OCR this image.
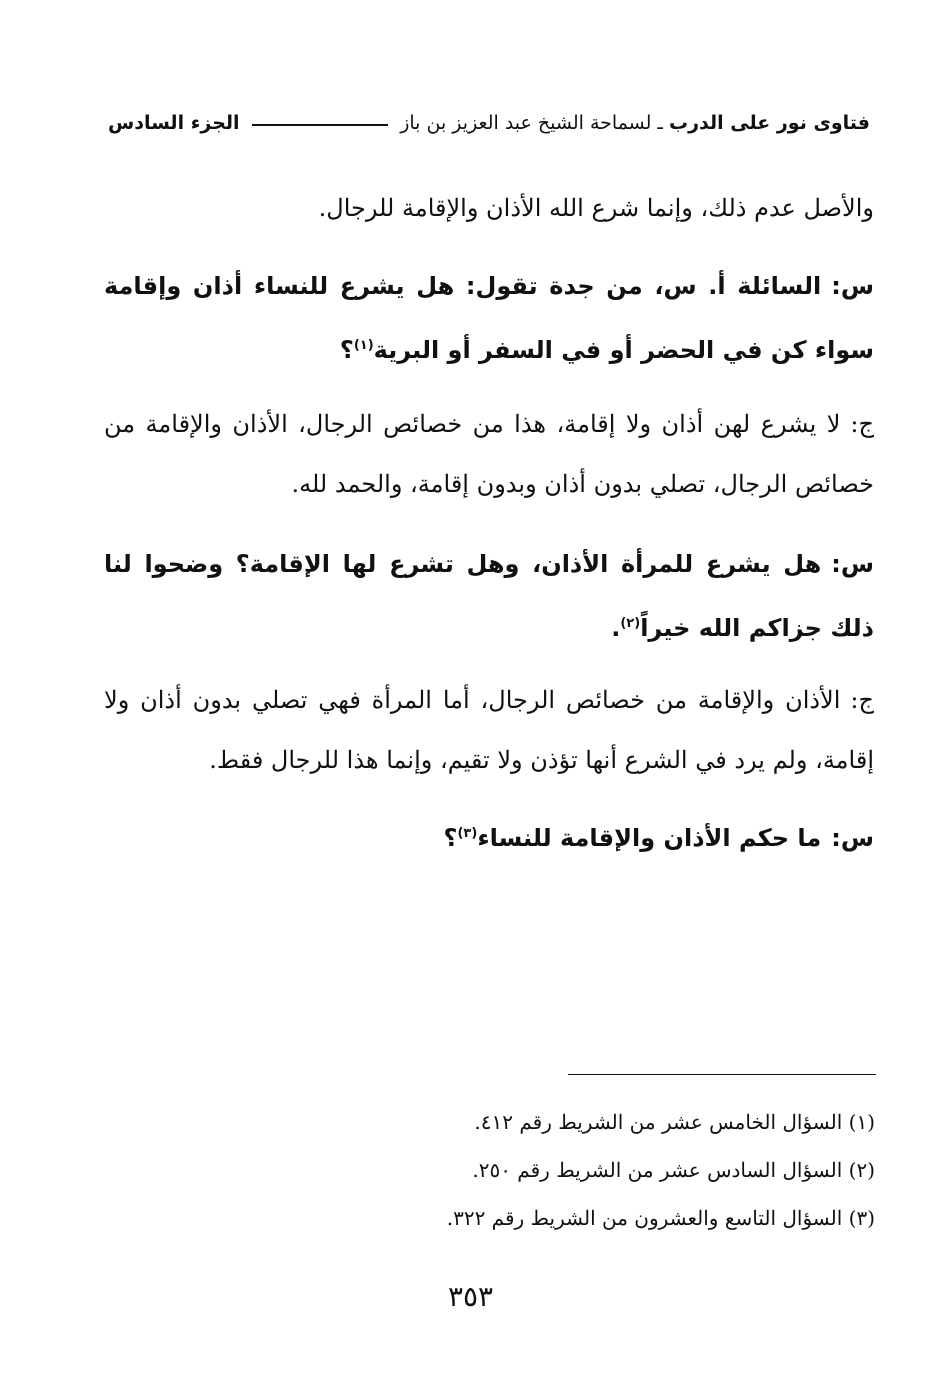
فتاوى نور على الدرب
ـ
لسماحة الشيخ عبد العزيز بن باز
الجزء السادس

والأصل عدم ذلك، وإنما شرع الله الأذان والإقامة للرجال.

س:السائلة أ. س، من جدة تقول: هل يشرع للنساء أذان وإقامة سواء كن في الحضر أو في السفر أو البرية$^{(١)}$؟

ج:لا يشرع لهن أذان ولا إقامة، هذا من خصائص الرجال، الأذان والإقامة من خصائص الرجال، تصلي بدون أذان وبدون إقامة، والحمد لله.

س:هل يشرع للمرأة الأذان، وهل تشرع لها الإقامة؟ وضحوا لنا ذلك جزاكم الله خيراً$^{(٢)}$.

ج:الأذان والإقامة من خصائص الرجال، أما المرأة فهي تصلي بدون أذان ولا إقامة، ولم يرد في الشرع أنها تؤذن ولا تقيم، وإنما هذا للرجال فقط.

س:ما حكم الأذان والإقامة للنساء$^{(٣)}$؟

(١) السؤال الخامس عشر من الشريط رقم ٤١٢.
(٢) السؤال السادس عشر من الشريط رقم ٢٥٠.
(٣) السؤال التاسع والعشرون من الشريط رقم ٣٢٢.
٣٥٣
